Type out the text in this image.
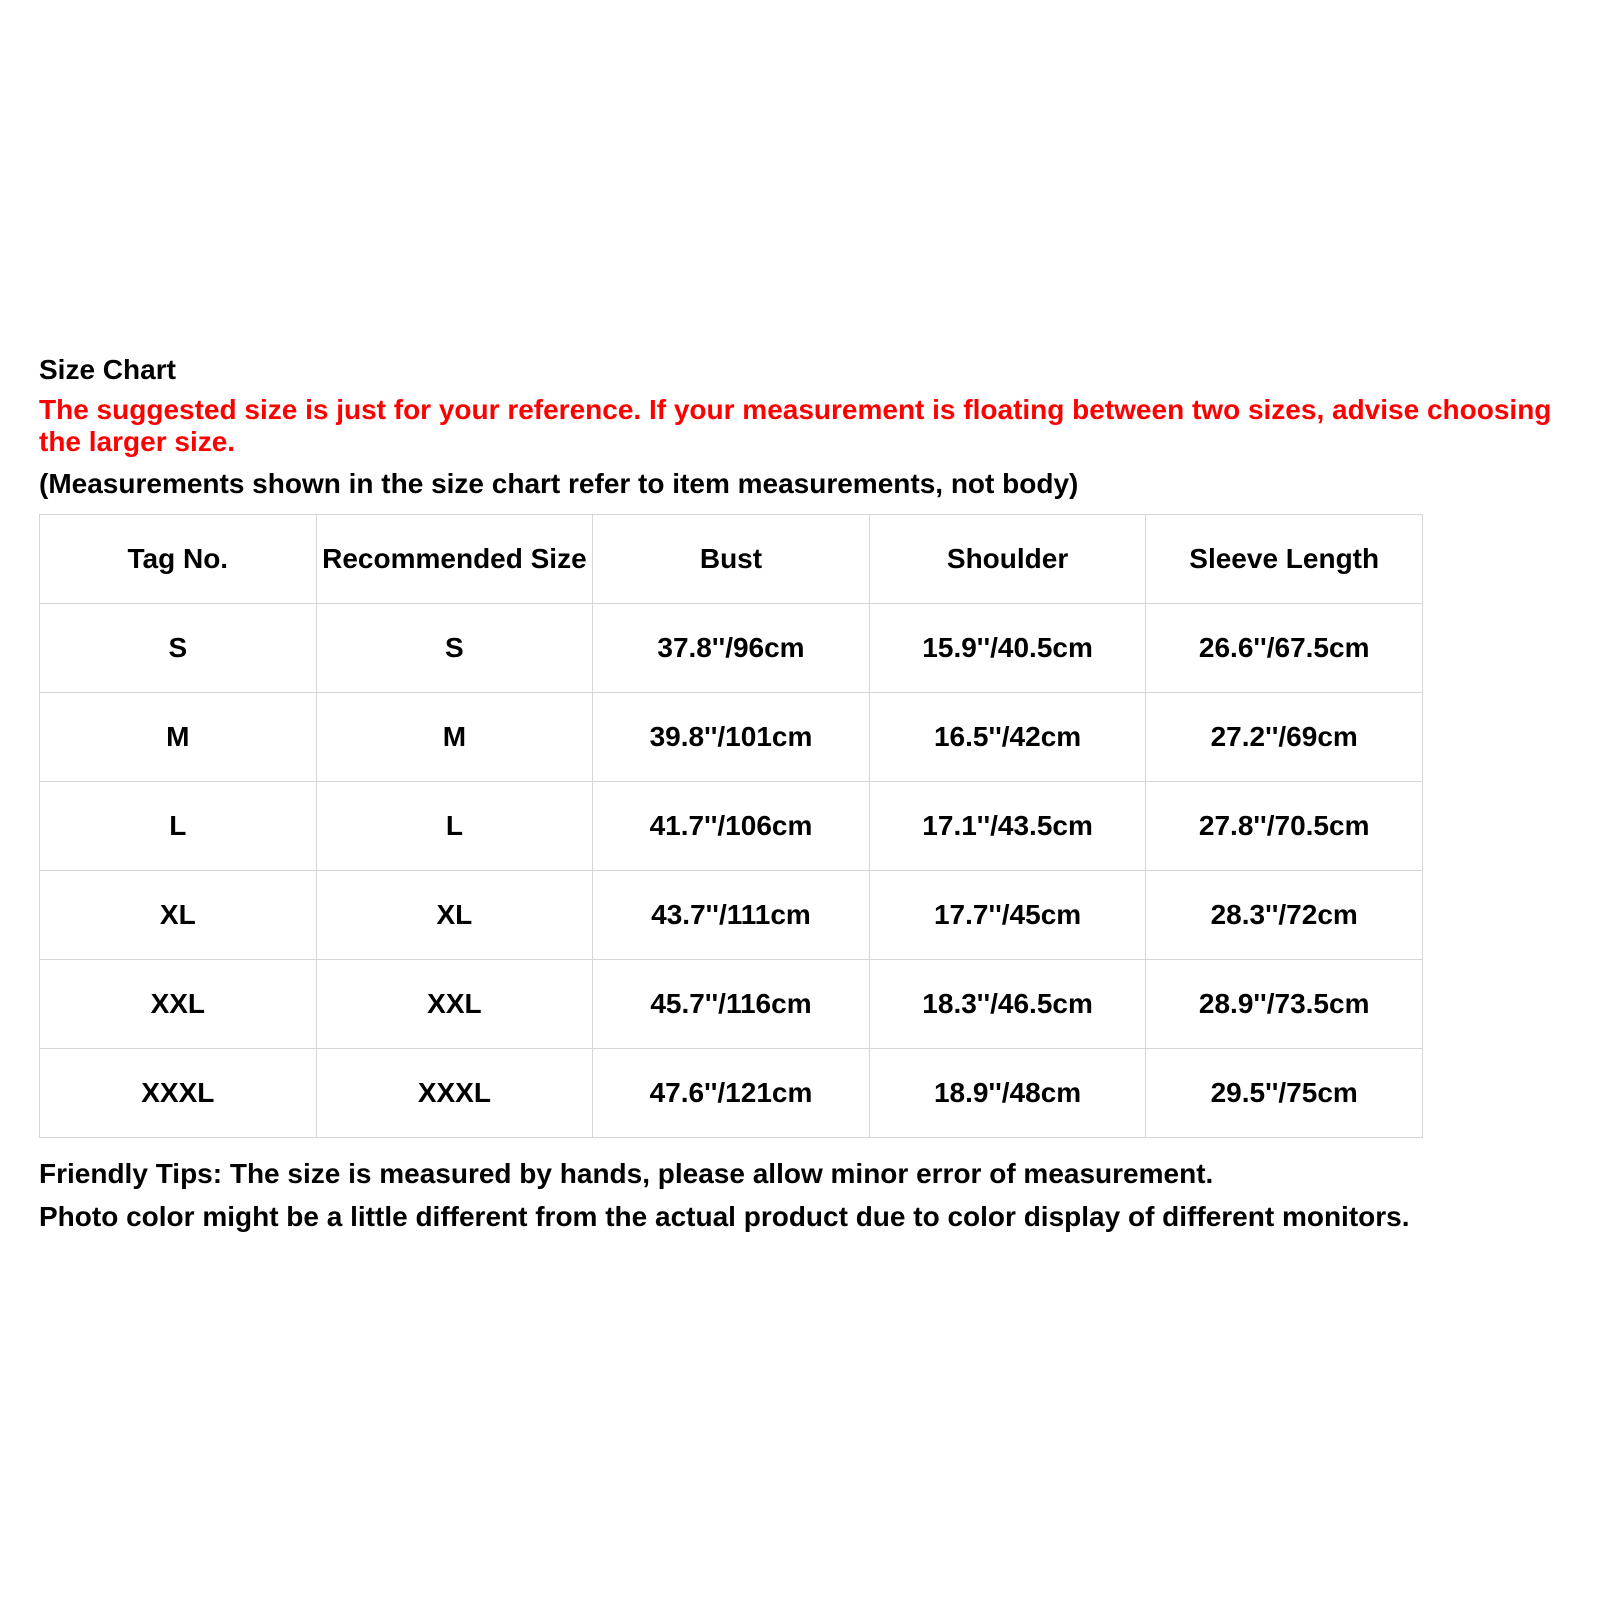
Size Chart

The suggested size is just for your reference. If your measurement is floating between two sizes, advise choosing the larger size.

(Measurements shown in the size chart refer to item measurements, not body)

Tag No.	Recommended Size	Bust	Shoulder	Sleeve Length
S	S	37.8''/96cm	15.9''/40.5cm	26.6''/67.5cm
M	M	39.8''/101cm	16.5''/42cm	27.2''/69cm
L	L	41.7''/106cm	17.1''/43.5cm	27.8''/70.5cm
XL	XL	43.7''/111cm	17.7''/45cm	28.3''/72cm
XXL	XXL	45.7''/116cm	18.3''/46.5cm	28.9''/73.5cm
XXXL	XXXL	47.6''/121cm	18.9''/48cm	29.5''/75cm

Friendly Tips: The size is measured by hands, please allow minor error of measurement.

Photo color might be a little different from the actual product due to color display of different monitors.
